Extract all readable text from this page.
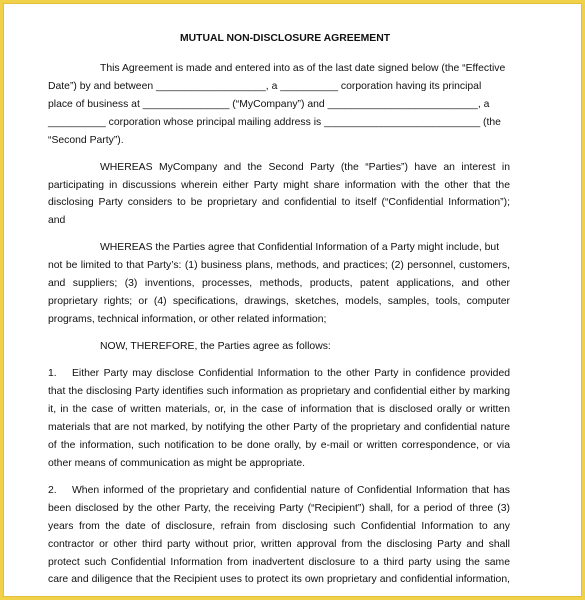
MUTUAL NON-DISCLOSURE AGREEMENT
This Agreement is made and entered into as of the last date signed below (the “Effective
Date”) by and between ___________________, a __________ corporation having its principal
place of business at _______________ (“MyCompany”) and __________________________, a
__________ corporation whose principal mailing address is ___________________________ (the
“Second Party”).
WHEREAS MyCompany and the Second Party (the “Parties”) have an interest in
participating in discussions wherein either Party might share information with the other that the
disclosing Party considers to be proprietary and confidential to itself (“Confidential Information”);
and
WHEREAS the Parties agree that Confidential Information of a Party might include, but
not be limited to that Party’s: (1) business plans, methods, and practices; (2) personnel, customers,
and suppliers; (3) inventions, processes, methods, products, patent applications, and other
proprietary rights; or (4) specifications, drawings, sketches, models, samples, tools, computer
programs, technical information, or other related information;
NOW, THEREFORE, the Parties agree as follows:
1. Either Party may disclose Confidential Information to the other Party in confidence provided
that the disclosing Party identifies such information as proprietary and confidential either by marking
it, in the case of written materials, or, in the case of information that is disclosed orally or written
materials that are not marked, by notifying the other Party of the proprietary and confidential nature
of the information, such notification to be done orally, by e-mail or written correspondence, or via
other means of communication as might be appropriate.
2. When informed of the proprietary and confidential nature of Confidential Information that has
been disclosed by the other Party, the receiving Party (“Recipient”) shall, for a period of three (3)
years from the date of disclosure, refrain from disclosing such Confidential Information to any
contractor or other third party without prior, written approval from the disclosing Party and shall
protect such Confidential Information from inadvertent disclosure to a third party using the same
care and diligence that the Recipient uses to protect its own proprietary and confidential information,
